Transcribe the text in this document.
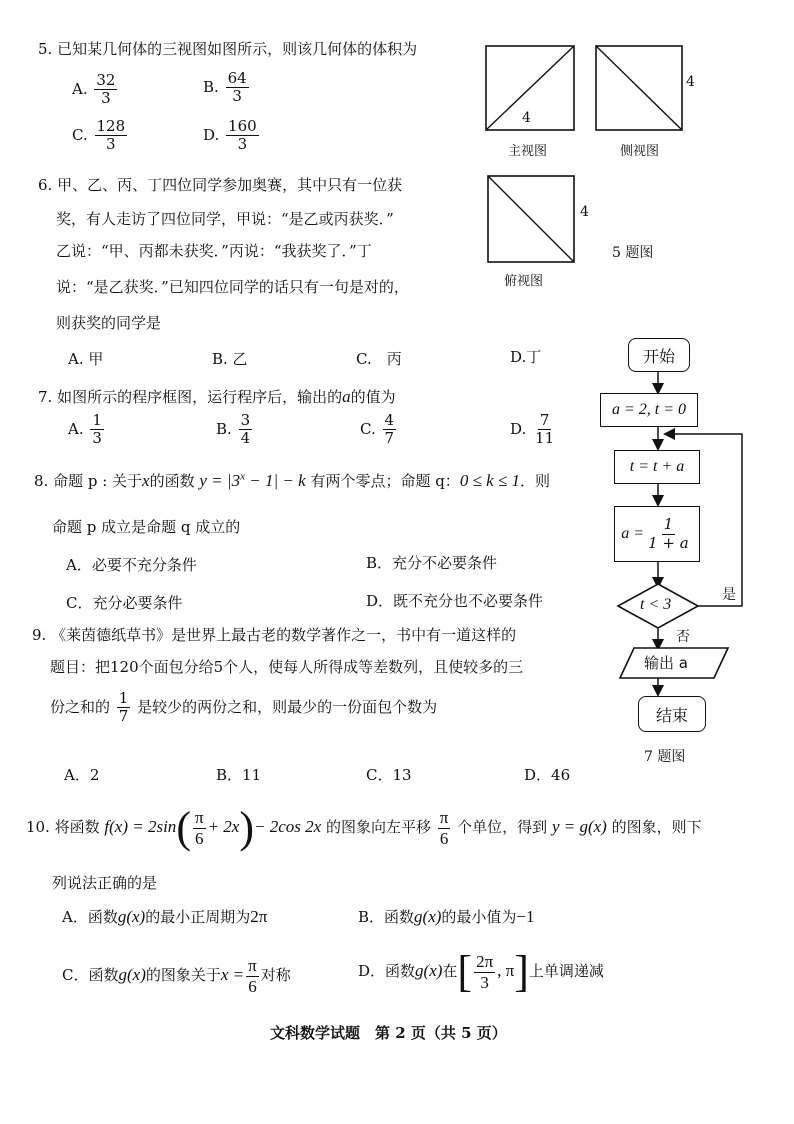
5. 已知某几何体的三视图如图所示，则该几何体的体积为
A. $\frac{32}{3}$	B. $\frac{64}{3}$
C. $\frac{128}{3}$	D. $\frac{160}{3}$	4
4
4
主视图	侧视图
俯视图
5 题图
6. 甲、乙、丙、丁四位同学参加奥赛，其中只有一位获
奖，有人走访了四位同学，甲说：“是乙或丙获奖．”
乙说：“甲、丙都未获奖．”丙说：“我获奖了．”丁
说：“是乙获奖．”已知四位同学的话只有一句是对的，
则获奖的同学是
A. 甲	B. 乙	C.　丙	D.丁
7. 如图所示的程序框图，运行程序后，输出的a的值为
A. $\frac{1}{3}$	B. $\frac{3}{4}$	C. $\frac{4}{7}$	D. $\frac{7}{11}$
开始
a = 2, t = 0
t = t + a
$a = \frac{1}{1 + a}$
t < 3
是
否
输出 a
结束
7 题图
8. 命题 p : 关于x的函数 $y = |3^x - 1| - k$ 有两个零点；命题 q：0 ≤ k ≤ 1．则
命题 p 成立是命题 q 成立的
A．必要不充分条件	B．充分不必要条件
C．充分必要条件	D．既不充分也不必要条件
9. 《莱茵德纸草书》是世界上最古老的数学著作之一，书中有一道这样的
题目：把120个面包分给5个人，使每人所得成等差数列，且使较多的三
份之和的 $\frac{1}{7}$ 是较少的两份之和，则最少的一份面包个数为
A．2	B．11	C．13	D．46
10. 将函数 $f(x) = 2\sin( \frac{\pi}{6} + 2x)- 2\cos$ 2x 的图象向左平移 $\frac{\pi}{6}$ 个单位，得到 y = g(x) 的图象，则下
列说法正确的是
A．函数g(x)的最小正周期为2π	B．函数g(x)的最小值为−1
C．函数g(x)的图象关于$x = \frac{\pi}{6}$ 对称	D．函数g(x)在[ $\frac{2\pi}{3}$ , π]上单调递减
文科数学试题　第 2 页（共 5 页）
